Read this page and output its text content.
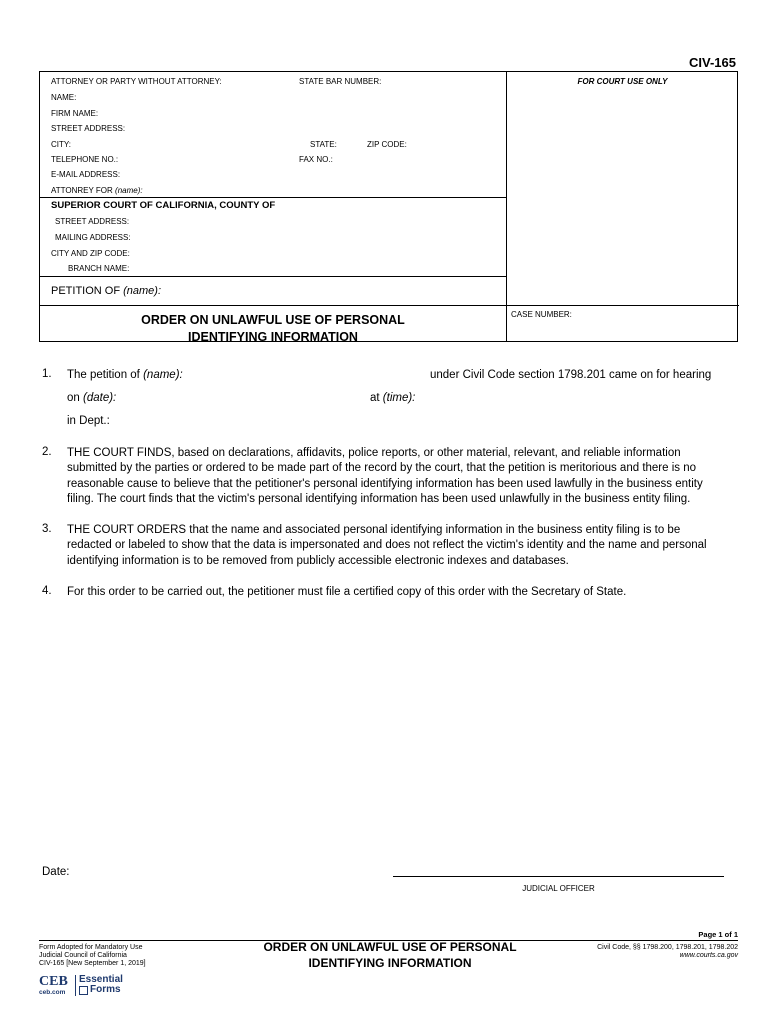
CIV-165
ATTORNEY OR PARTY WITHOUT ATTORNEY:	STATE BAR NUMBER:	FOR COURT USE ONLY
NAME:
FIRM NAME:
STREET ADDRESS:
CITY:	STATE:	ZIP CODE:
TELEPHONE NO.:	FAX NO.:
E-MAIL ADDRESS:
ATTONREY FOR (name):
SUPERIOR COURT OF CALIFORNIA, COUNTY OF
STREET ADDRESS:
MAILING ADDRESS:
CITY AND ZIP CODE:
BRANCH NAME:
PETITION OF (name):
ORDER ON UNLAWFUL USE OF PERSONAL
IDENTIFYING INFORMATION
CASE NUMBER:
1. The petition of (name):	under Civil Code section 1798.201 came on for hearing
on (date):	at (time):
in Dept.:
2. THE COURT FINDS, based on declarations, affidavits, police reports, or other material, relevant, and reliable information submitted by the parties or ordered to be made part of the record by the court, that the petition is meritorious and there is no reasonable cause to believe that the petitioner's personal identifying information has been used lawfully in the business entity filing. The court finds that the victim's personal identifying information has been used unlawfully in the business entity filing.
3. THE COURT ORDERS that the name and associated personal identifying information in the business entity filing is to be redacted or labeled to show that the data is impersonated and does not reflect the victim's identity and the name and personal identifying information is to be removed from publicly accessible electronic indexes and databases.
4. For this order to be carried out, the petitioner must file a certified copy of this order with the Secretary of State.
Date:
JUDICIAL OFFICER
Page 1 of 1
Form Adopted for Mandatory Use
Judicial Council of California
CIV-165 [New September 1, 2019]
ORDER ON UNLAWFUL USE OF PERSONAL
IDENTIFYING INFORMATION
Civil Code, §§ 1798.200, 1798.201, 1798.202
www.courts.ca.gov
CEB
ceb.com
Essential
Forms
